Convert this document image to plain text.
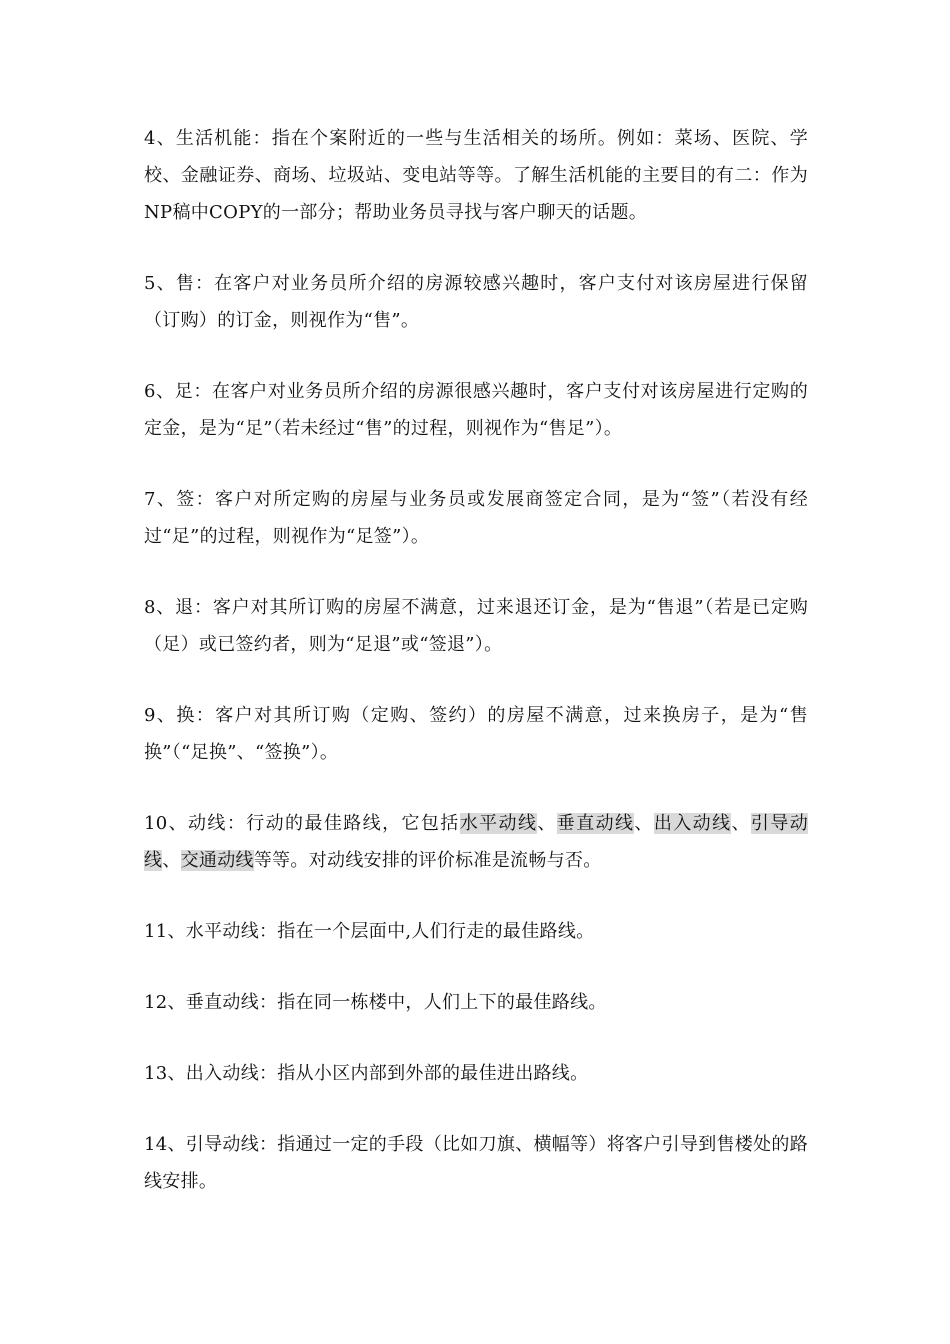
4、生活机能：指在个案附近的一些与生活相关的场所。例如：菜场、医院、学校、金融证券、商场、垃圾站、变电站等等。了解生活机能的主要目的有二：作为NP稿中COPY的一部分；帮助业务员寻找与客户聊天的话题。

5、售：在客户对业务员所介绍的房源较感兴趣时，客户支付对该房屋进行保留（订购）的订金，则视作为“售”。

6、足：在客户对业务员所介绍的房源很感兴趣时，客户支付对该房屋进行定购的定金，是为“足”（若未经过“售”的过程，则视作为“售足”）。

7、签：客户对所定购的房屋与业务员或发展商签定合同，是为“签”（若没有经过“足”的过程，则视作为“足签”）。

8、退：客户对其所订购的房屋不满意，过来退还订金，是为“售退”（若是已定购（足）或已签约者，则为“足退”或“签退”）。

9、换：客户对其所订购（定购、签约）的房屋不满意，过来换房子，是为“售换”（“足换”、“签换”）。

10、动线：行动的最佳路线，它包括水平动线、垂直动线、出入动线、引导动线、交通动线等等。对动线安排的评价标准是流畅与否。

11、水平动线：指在一个层面中,人们行走的最佳路线。

12、垂直动线：指在同一栋楼中，人们上下的最佳路线。

13、出入动线：指从小区内部到外部的最佳进出路线。

14、引导动线：指通过一定的手段（比如刀旗、横幅等）将客户引导到售楼处的路线安排。
